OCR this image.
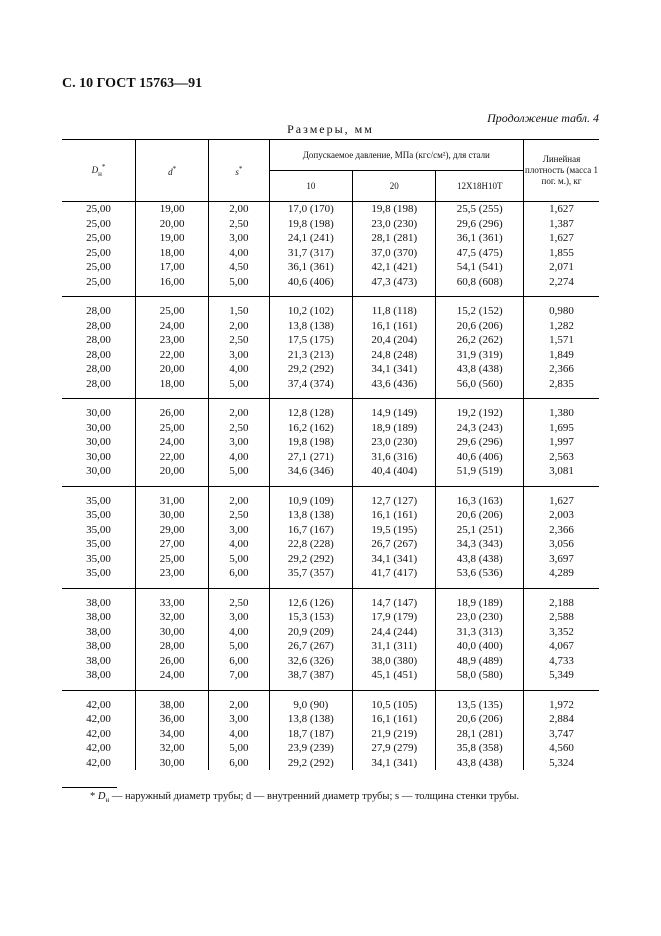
С. 10 ГОСТ 15763—91
Продолжение табл. 4
Размеры, мм
$D_н^*$	d*	s*	Допускаемое давление, МПа (кгс/см²), для стали			Линейная плотность (масса 1 пог. м.), кг
			10	20	12Х18Н10Т	
25,00	19,00	2,00	17,0 (170)	19,8 (198)	25,5 (255)	1,627
25,00	20,00	2,50	19,8 (198)	23,0 (230)	29,6 (296)	1,387
25,00	19,00	3,00	24,1 (241)	28,1 (281)	36,1 (361)	1,627
25,00	18,00	4,00	31,7 (317)	37,0 (370)	47,5 (475)	1,855
25,00	17,00	4,50	36,1 (361)	42,1 (421)	54,1 (541)	2,071
25,00	16,00	5,00	40,6 (406)	47,3 (473)	60,8 (608)	2,274
28,00	25,00	1,50	10,2 (102)	11,8 (118)	15,2 (152)	0,980
28,00	24,00	2,00	13,8 (138)	16,1 (161)	20,6 (206)	1,282
28,00	23,00	2,50	17,5 (175)	20,4 (204)	26,2 (262)	1,571
28,00	22,00	3,00	21,3 (213)	24,8 (248)	31,9 (319)	1,849
28,00	20,00	4,00	29,2 (292)	34,1 (341)	43,8 (438)	2,366
28,00	18,00	5,00	37,4 (374)	43,6 (436)	56,0 (560)	2,835
30,00	26,00	2,00	12,8 (128)	14,9 (149)	19,2 (192)	1,380
30,00	25,00	2,50	16,2 (162)	18,9 (189)	24,3 (243)	1,695
30,00	24,00	3,00	19,8 (198)	23,0 (230)	29,6 (296)	1,997
30,00	22,00	4,00	27,1 (271)	31,6 (316)	40,6 (406)	2,563
30,00	20,00	5,00	34,6 (346)	40,4 (404)	51,9 (519)	3,081
35,00	31,00	2,00	10,9 (109)	12,7 (127)	16,3 (163)	1,627
35,00	30,00	2,50	13,8 (138)	16,1 (161)	20,6 (206)	2,003
35,00	29,00	3,00	16,7 (167)	19,5 (195)	25,1 (251)	2,366
35,00	27,00	4,00	22,8 (228)	26,7 (267)	34,3 (343)	3,056
35,00	25,00	5,00	29,2 (292)	34,1 (341)	43,8 (438)	3,697
35,00	23,00	6,00	35,7 (357)	41,7 (417)	53,6 (536)	4,289
38,00	33,00	2,50	12,6 (126)	14,7 (147)	18,9 (189)	2,188
38,00	32,00	3,00	15,3 (153)	17,9 (179)	23,0 (230)	2,588
38,00	30,00	4,00	20,9 (209)	24,4 (244)	31,3 (313)	3,352
38,00	28,00	5,00	26,7 (267)	31,1 (311)	40,0 (400)	4,067
38,00	26,00	6,00	32,6 (326)	38,0 (380)	48,9 (489)	4,733
38,00	24,00	7,00	38,7 (387)	45,1 (451)	58,0 (580)	5,349
42,00	38,00	2,00	9,0 (90)	10,5 (105)	13,5 (135)	1,972
42,00	36,00	3,00	13,8 (138)	16,1 (161)	20,6 (206)	2,884
42,00	34,00	4,00	18,7 (187)	21,9 (219)	28,1 (281)	3,747
42,00	32,00	5,00	23,9 (239)	27,9 (279)	35,8 (358)	4,560
42,00	30,00	6,00	29,2 (292)	34,1 (341)	43,8 (438)	5,324
* $D_н$ — наружный диаметр трубы; d — внутренний диаметр трубы; s — толщина стенки трубы.
